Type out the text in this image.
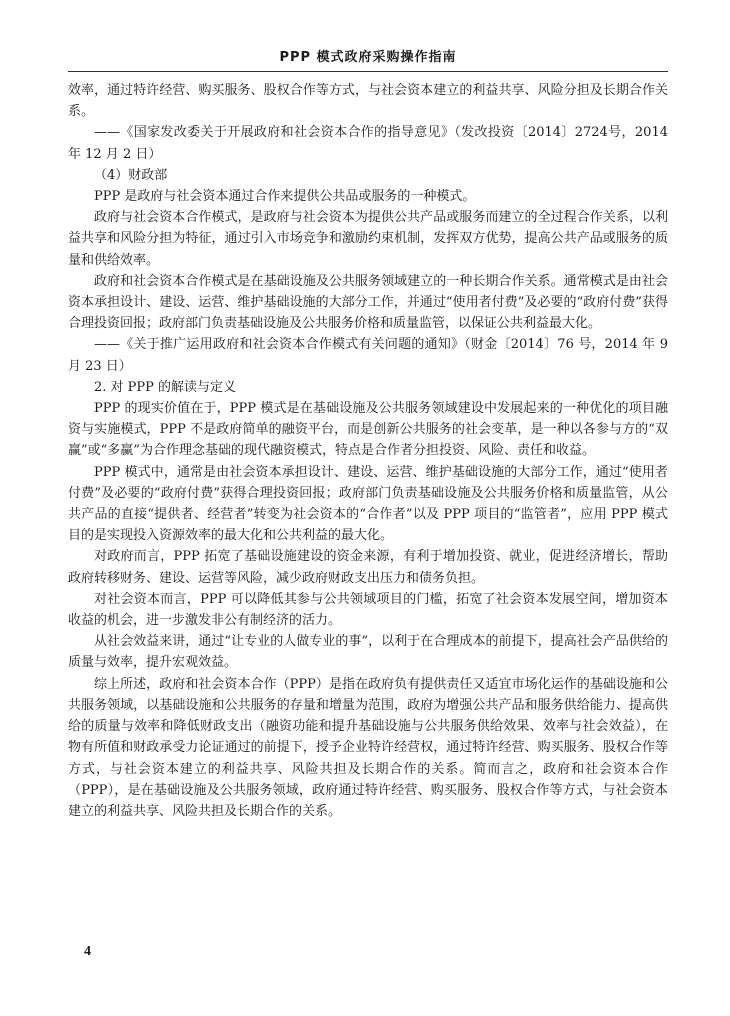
PPP 模式政府采购操作指南

效率，通过特许经营、购买服务、股权合作等方式，与社会资本建立的利益共享、风险分担及长期合作关系。

——《国家发改委关于开展政府和社会资本合作的指导意见》（发改投资〔2014〕2724号，2014 年 12 月 2 日）

（4）财政部

PPP 是政府与社会资本通过合作来提供公共品或服务的一种模式。

政府与社会资本合作模式，是政府与社会资本为提供公共产品或服务而建立的全过程合作关系，以利益共享和风险分担为特征，通过引入市场竞争和激励约束机制，发挥双方优势，提高公共产品或服务的质量和供给效率。

政府和社会资本合作模式是在基础设施及公共服务领域建立的一种长期合作关系。通常模式是由社会资本承担设计、建设、运营、维护基础设施的大部分工作，并通过“使用者付费”及必要的“政府付费”获得合理投资回报；政府部门负责基础设施及公共服务价格和质量监管，以保证公共利益最大化。

——《关于推广运用政府和社会资本合作模式有关问题的通知》（财金〔2014〕76 号，2014 年 9 月 23 日）

2. 对 PPP 的解读与定义

PPP 的现实价值在于，PPP 模式是在基础设施及公共服务领域建设中发展起来的一种优化的项目融资与实施模式，PPP 不是政府简单的融资平台，而是创新公共服务的社会变革，是一种以各参与方的“双赢”或“多赢”为合作理念基础的现代融资模式，特点是合作者分担投资、风险、责任和收益。

PPP 模式中，通常是由社会资本承担设计、建设、运营、维护基础设施的大部分工作，通过“使用者付费”及必要的“政府付费”获得合理投资回报；政府部门负责基础设施及公共服务价格和质量监管，从公共产品的直接“提供者、经营者”转变为社会资本的“合作者”以及 PPP 项目的“监管者”，应用 PPP 模式目的是实现投入资源效率的最大化和公共利益的最大化。

对政府而言，PPP 拓宽了基础设施建设的资金来源，有利于增加投资、就业，促进经济增长，帮助政府转移财务、建设、运营等风险，减少政府财政支出压力和债务负担。

对社会资本而言，PPP 可以降低其参与公共领域项目的门槛，拓宽了社会资本发展空间，增加资本收益的机会，进一步激发非公有制经济的活力。

从社会效益来讲，通过“让专业的人做专业的事”，以利于在合理成本的前提下，提高社会产品供给的质量与效率，提升宏观效益。

综上所述，政府和社会资本合作（PPP）是指在政府负有提供责任又适宜市场化运作的基础设施和公共服务领域，以基础设施和公共服务的存量和增量为范围，政府为增强公共产品和服务供给能力、提高供给的质量与效率和降低财政支出（融资功能和提升基础设施与公共服务供给效果、效率与社会效益），在物有所值和财政承受力论证通过的前提下，授予企业特许经营权，通过特许经营、购买服务、股权合作等方式，与社会资本建立的利益共享、风险共担及长期合作的关系。简而言之，政府和社会资本合作（PPP），是在基础设施及公共服务领域，政府通过特许经营、购买服务、股权合作等方式，与社会资本建立的利益共享、风险共担及长期合作的关系。

4
